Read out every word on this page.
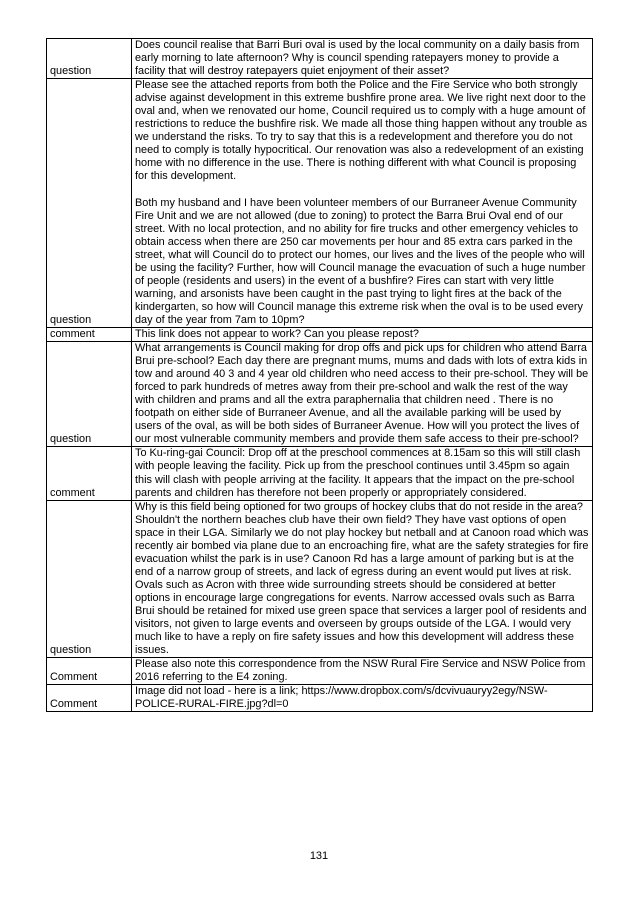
question	Does council realise that Barri Buri oval is used by the local community on a daily basis from early morning to late afternoon? Why is council spending ratepayers money to provide a facility that will destroy ratepayers quiet enjoyment of their asset?

question	Please see the attached reports from both the Police and the Fire Service who both strongly advise against development in this extreme bushfire prone area. We live right next door to the oval and, when we renovated our home, Council required us to comply with a huge amount of restrictions to reduce the bushfire risk. We made all those thing happen without any trouble as we understand the risks. To try to say that this is a redevelopment and therefore you do not need to comply is totally hypocritical. Our renovation was also a redevelopment of an existing home with no difference in the use. There is nothing different with what Council is proposing for this development.

Both my husband and I have been volunteer members of our Burraneer Avenue Community Fire Unit and we are not allowed (due to zoning) to protect the Barra Brui Oval end of our street. With no local protection, and no ability for fire trucks and other emergency vehicles to obtain access when there are 250 car movements per hour and 85 extra cars parked in the street, what will Council do to protect our homes, our lives and the lives of the people who will be using the facility? Further, how will Council manage the evacuation of such a huge number of people (residents and users) in the event of a bushfire? Fires can start with very little warning, and arsonists have been caught in the past trying to light fires at the back of the kindergarten, so how will Council manage this extreme risk when the oval is to be used every day of the year from 7am to 10pm?

comment	This link does not appear to work? Can you please repost?

question	What arrangements is Council making for drop offs and pick ups for children who attend Barra Brui pre-school? Each day there are pregnant mums, mums and dads with lots of extra kids in tow and around 40 3 and 4 year old children who need access to their pre-school. They will be forced to park hundreds of metres away from their pre-school and walk the rest of the way with children and prams and all the extra paraphernalia that children need . There is no footpath on either side of Burraneer Avenue, and all the available parking will be used by users of the oval, as will be both sides of Burraneer Avenue. How will you protect the lives of our most vulnerable community members and provide them safe access to their pre-school?

comment	To Ku-ring-gai Council: Drop off at the preschool commences at 8.15am so this will still clash with people leaving the facility. Pick up from the preschool continues until 3.45pm so again this will clash with people arriving at the facility. It appears that the impact on the pre-school parents and children has therefore not been properly or appropriately considered.

question	Why is this field being optioned for two groups of hockey clubs that do not reside in the area? Shouldn't the northern beaches club have their own field? They have vast options of open space in their LGA. Similarly we do not play hockey but netball and at Canoon road which was recently air bombed via plane due to an encroaching fire, what are the safety strategies for fire evacuation whilst the park is in use? Canoon Rd has a large amount of parking but is at the end of a narrow group of streets, and lack of egress during an event would put lives at risk. Ovals such as Acron with three wide surrounding streets should be considered at better options in encourage large congregations for events. Narrow accessed ovals such as Barra Brui should be retained for mixed use green space that services a larger pool of residents and visitors, not given to large events and overseen by groups outside of the LGA. I would very much like to have a reply on fire safety issues and how this development will address these issues.

Comment	Please also note this correspondence from the NSW Rural Fire Service and NSW Police from 2016 referring to the E4 zoning.

Comment	Image did not load - here is a link; https://www.dropbox.com/s/dcvivuauryy2egy/NSW-POLICE-RURAL-FIRE.jpg?dl=0

131
